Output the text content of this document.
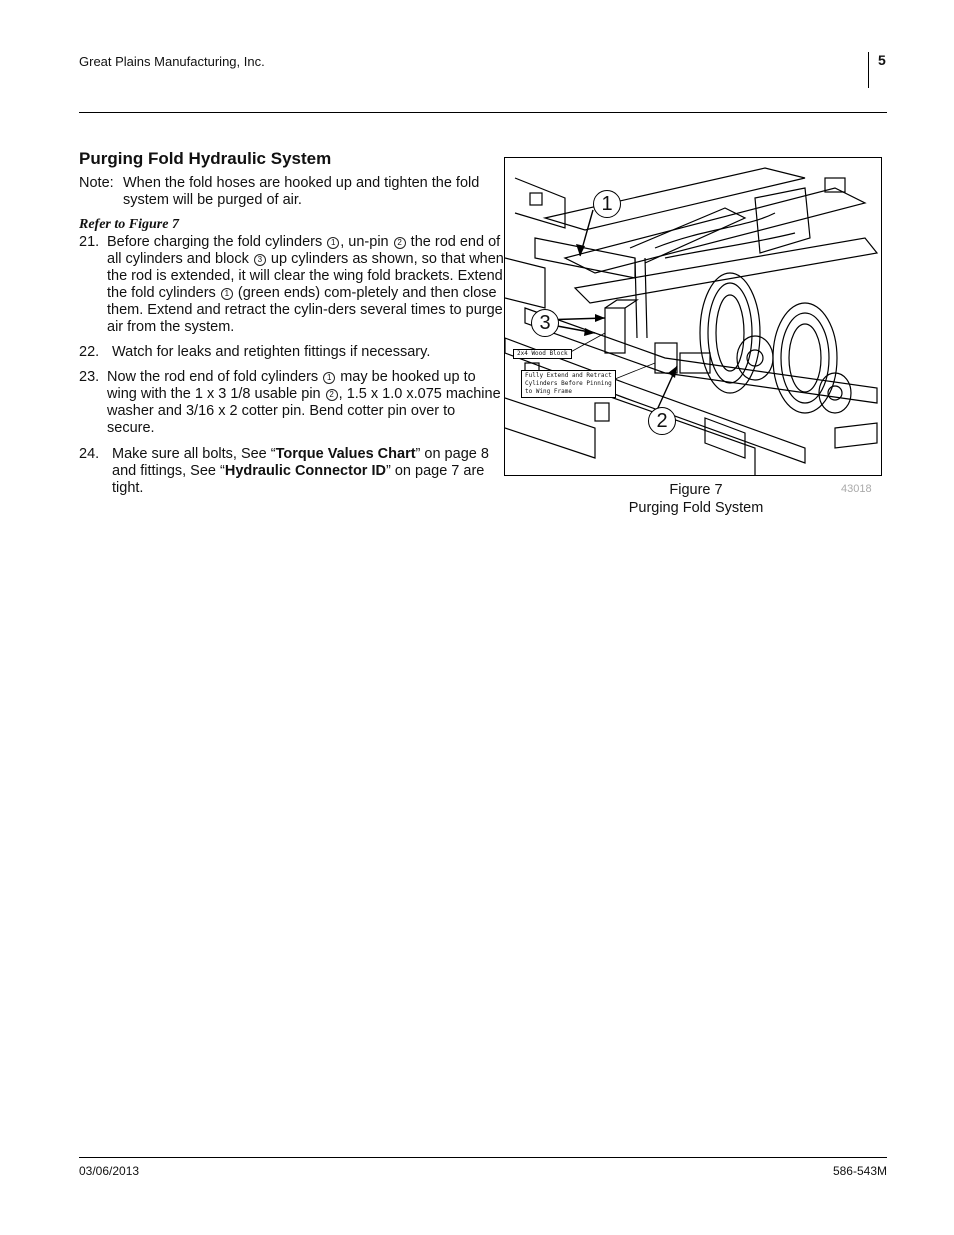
Great Plains Manufacturing, Inc.	5
Purging Fold Hydraulic System
Note: When the fold hoses are hooked up and tighten the fold
system will be purged of air.
Refer to Figure 7
21. Before charging the fold cylinders 1 , un-pin 2 the rod end of all cylinders and block 3 up cylinders as shown, so that when the rod is extended, it will clear the wing fold brackets. Extend the fold cylinders 1 (green ends) com-pletely and then close them. Extend and retract the cylin-ders several times to purge air from the system.
22. Watch for leaks and retighten fittings if necessary.
23. Now the rod end of fold cylinders 1 may be hooked up to wing with the 1 x 3 1/8 usable pin 2 , 1.5 x 1.0 x.075 machine washer and 3/16 x 2 cotter pin. Bend cotter pin over to secure.
24. Make sure all bolts, See “Torque Values Chart” on page 8 and fittings, See “Hydraulic Connector ID” on page 7 are tight.
1
3
2
2x4 Wood Block
Fully Extend and Retract
Cylinders Before Pinning
to Wing Frame
Figure 7
Purging Fold System
43018
03/06/2013	586-543M
